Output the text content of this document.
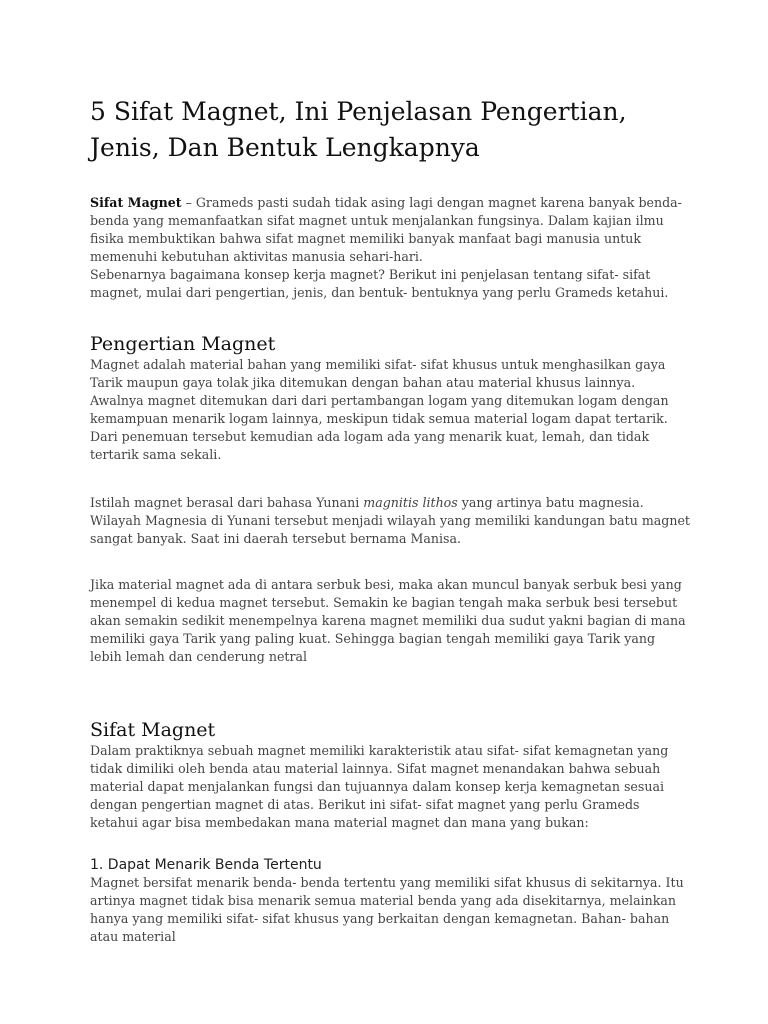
5 Sifat Magnet, Ini Penjelasan Pengertian, Jenis, Dan Bentuk Lengkapnya

Sifat Magnet – Grameds pasti sudah tidak asing lagi dengan magnet karena banyak benda-benda yang memanfaatkan sifat magnet untuk menjalankan fungsinya. Dalam kajian ilmu fisika membuktikan bahwa sifat magnet memiliki banyak manfaat bagi manusia untuk memenuhi kebutuhan aktivitas manusia sehari-hari.

Sebenarnya bagaimana konsep kerja magnet? Berikut ini penjelasan tentang sifat- sifat magnet, mulai dari pengertian, jenis, dan bentuk- bentuknya yang perlu Grameds ketahui.

Pengertian Magnet

Magnet adalah material bahan yang memiliki sifat- sifat khusus untuk menghasilkan gaya Tarik maupun gaya tolak jika ditemukan dengan bahan atau material khusus lainnya. Awalnya magnet ditemukan dari dari pertambangan logam yang ditemukan logam dengan kemampuan menarik logam lainnya, meskipun tidak semua material logam dapat tertarik. Dari penemuan tersebut kemudian ada logam ada yang menarik kuat, lemah, dan tidak tertarik sama sekali.

Istilah magnet berasal dari bahasa Yunani magnitis lithos yang artinya batu magnesia. Wilayah Magnesia di Yunani tersebut menjadi wilayah yang memiliki kandungan batu magnet sangat banyak. Saat ini daerah tersebut bernama Manisa.

Jika material magnet ada di antara serbuk besi, maka akan muncul banyak serbuk besi yang menempel di kedua magnet tersebut. Semakin ke bagian tengah maka serbuk besi tersebut akan semakin sedikit menempelnya karena magnet memiliki dua sudut yakni bagian di mana memiliki gaya Tarik yang paling kuat. Sehingga bagian tengah memiliki gaya Tarik yang lebih lemah dan cenderung netral

Sifat Magnet

Dalam praktiknya sebuah magnet memiliki karakteristik atau sifat- sifat kemagnetan yang tidak dimiliki oleh benda atau material lainnya. Sifat magnet menandakan bahwa sebuah material dapat menjalankan fungsi dan tujuannya dalam konsep kerja kemagnetan sesuai dengan pengertian magnet di atas. Berikut ini sifat- sifat magnet yang perlu Grameds ketahui agar bisa membedakan mana material magnet dan mana yang bukan:

1. Dapat Menarik Benda Tertentu

Magnet bersifat menarik benda- benda tertentu yang memiliki sifat khusus di sekitarnya. Itu artinya magnet tidak bisa menarik semua material benda yang ada disekitarnya, melainkan hanya yang memiliki sifat- sifat khusus yang berkaitan dengan kemagnetan. Bahan- bahan atau material
